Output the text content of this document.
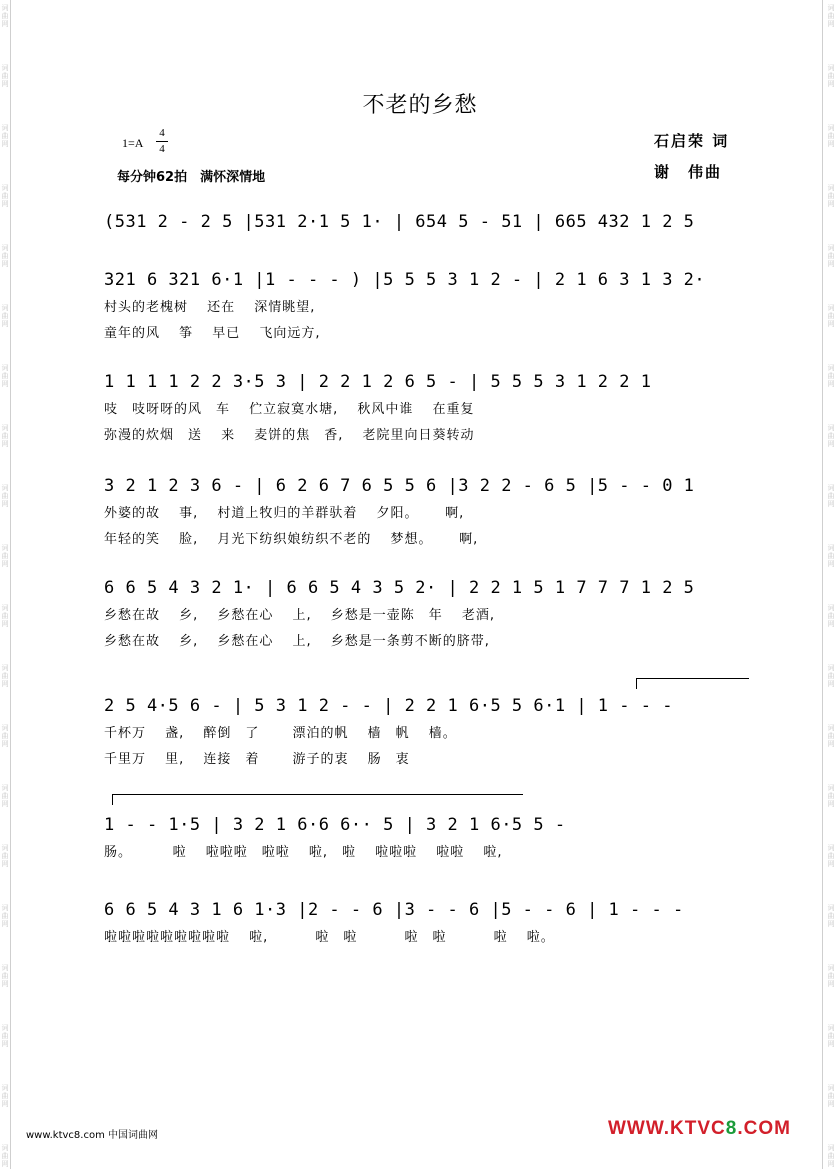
词
曲
网
词
曲
网
词
曲
网
词
曲
网
词
曲
网
词
曲
网
词
曲
网
词
曲
网
词
曲
网
词
曲
网
词
曲
网
词
曲
网
词
曲
网
词
曲
网
词
曲
网
词
曲
网
词
曲
网
词
曲
网
词
曲
网
词
曲
网
词
曲
网
词
曲
网
词
曲
网
词
曲
网
词
曲
网
词
曲
网
词
曲
网
词
曲
网
词
曲
网
词
曲
网
词
曲
网
词
曲
网
词
曲
网
词
曲
网
词
曲
网
词
曲
网
词
曲
网
词
曲
网
词
曲
网
词
曲
网
不老的乡愁
1=A
4
4
每分钟62拍　满怀深情地
石启荣 词
谢　伟曲
(531 2 - 2 5 |531 2·1 5 1· | 654 5 - 51 | 665 432 1 2 5
321 6 321 6·1 |1 - - - ) |5 5 5 3 1 2 - | 2 1 6 3 1 3 2·
村头的老槐树　 还在　 深情眺望,
童年的风　 筝　 早已　 飞向远方,
1 1 1 1 2 2 3·5 3 | 2 2 1 2 6 5 - | 5 5 5 3 1 2 2 1
吱　吱呀呀的风　车　 伫立寂寞水塘,　 秋风中谁　 在重复
弥漫的炊烟　送　 来　 麦饼的焦　香,　 老院里向日葵转动
3 2 1 2 3 6 - | 6 2 6 7 6 5 5 6 |3 2 2 - 6 5 |5 - - 0 1
外婆的故　 事,　 村道上牧归的羊群驮着　 夕阳。　　 啊,
年轻的笑　 脸,　 月光下纺织娘纺织不老的　 梦想。　　 啊,
6 6 5 4 3 2 1· | 6 6 5 4 3 5 2· | 2 2 1 5 1 7 7 7 1 2 5
乡愁在故　 乡,　 乡愁在心　 上,　 乡愁是一壶陈　年　 老酒,
乡愁在故　 乡,　 乡愁在心　 上,　 乡愁是一条剪不断的脐带,
2 5 4·5 6 - | 5 3 1 2 - - | 2 2 1 6·5 5 6·1 | 1 - - -
千杯万　 盏,　 醉倒　了　　 漂泊的帆　 樯　帆　 樯。
千里万　 里,　 连接　着　　 游子的衷　 肠　衷
1 - - 1·5 | 3 2 1 6·6 6·· 5 | 3 2 1 6·5 5 -
肠。　　　 啦　 啦啦啦　啦啦　 啦,　啦　 啦啦啦　 啦啦　 啦,
6 6 5 4 3 1 6 1·3 |2 - - 6 |3 - - 6 |5 - - 6 | 1 - - -
啦啦啦啦啦啦啦啦啦　 啦,　　　 啦　啦　　　 啦　啦　　　 啦　 啦。
www.ktvc8.com 中国词曲网	WWW.KTVC8.COM
